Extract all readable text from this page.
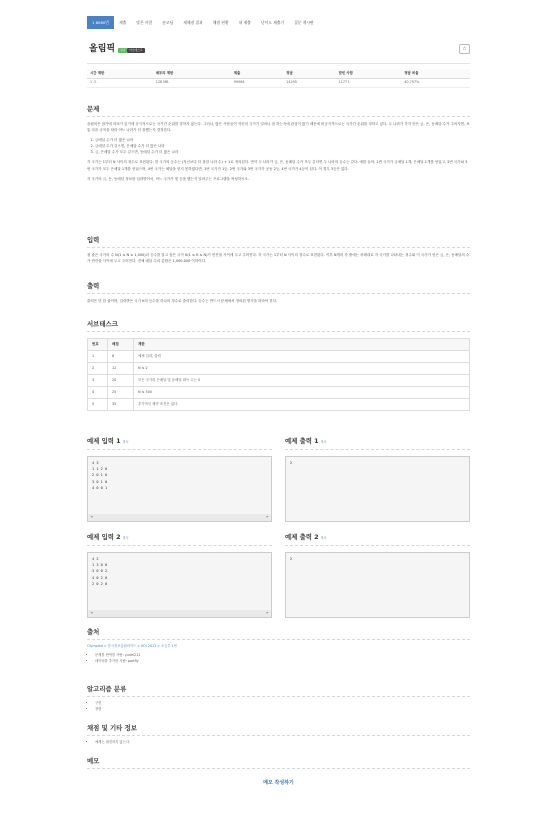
1 8060번	제출	맞은 사람	숏코딩	재채점 결과	채점 현황	내 제출	난이도 제출기	질문 게시판
올림픽	성공	서브태스크	☆
시간 제한	메모리 제한	제출	정답	맞힌 사람	정답 비율
1 초	128 MB	99964	14295	11771	40.797%
문제

올림픽은 참가에 의의가 있기에 공식적으로는 국가간 순위를 정하지 않는다. 그러나, 많은 사람들이 자신의 국가가 얼마나 잘 하는지에 관심이 많기 때문에 비공식적으로는 국가간 순위를 정하고 있다. 두 나라가 각각 얻은 금, 은, 동메달 수가 주어지면, 보통 다음 규칙을 따라 어느 나라가 더 잘했는지 결정한다.

1. 금메달 수가 더 많은 나라
2. 금메달 수가 같으면, 은메달 수가 더 많은 나라
3. 금, 은메달 수가 모두 같으면, 동메달 수가 더 많은 나라

각 국가는 1부터 N 사이의 정수로 표현된다. 한 국가의 등수는 (자신보다 더 잘한 나라 수) + 1로 정의된다. 만약 두 나라가 금, 은, 동메달 수가 모두 같다면 두 나라의 등수는 같다. 예를 들어, 1번 국가가 금메달 1개, 은메달 1개를 얻었고, 2번 국가와 3번 국가가 모두 은메달 1개를 얻었으며, 4번 국가는 메달을 얻지 못하였다면, 1번 국가가 1등, 2번 국가와 3번 국가가 공동 2등, 4번 국가가 4등이 된다. 이 경우 3등은 없다.

각 국가의 금, 은, 동메달 정보를 입력받아서, 어느 국가가 몇 등을 했는지 알려주는 프로그램을 작성하시오.

입력

첫 줄은 국가의 수 N(1 ≤ N ≤ 1,000)과 등수를 알고 싶은 국가 K(1 ≤ K ≤ N)가 빈칸을 사이에 두고 주어진다. 각 국가는 1부터 N 사이의 정수로 표현된다. 이후 N개의 각 줄에는 차례대로 각 국가를 나타내는 정수와 이 국가가 얻은 금, 은, 동메달의 수가 빈칸을 사이에 두고 주어진다. 전체 메달 수의 총합은 1,000,000 이하이다.

출력

출력은 단 한 줄이며, 입력받은 국가 K의 등수를 하나의 정수로 출력한다. 등수는 반드시 문제에서 정의된 방식을 따라야 한다.

서브태스크
번호	배점	제한
1	8	예제 입력, 출력
2	12	N ≤ 2
3	20	모든 국가의 은메달 및 동메달 획득 수는 0
4	25	N ≤ 500
5	35	추가적인 제약 조건은 없다.
예제 입력 1 복사
4 3
1 1 2 0
2 0 1 0
3 0 1 0
4 0 0 1
◂	▸
예제 출력 1 복사
2
예제 입력 2 복사
4 2
1 3 0 0
3 0 0 2
4 0 2 0
2 0 2 0
◂	▸
예제 출력 2 복사
2
출처
Olympiad > 한국정보올림피아드 > KOI 2013 > 초등부 1번
• 문제를 번역한 사람: yuriel211
• 데이터를 추가한 사람: portfly
알고리즘 분류
• 구현
• 정렬
채점 및 기타 정보
• 예제는 채점하지 않는다.
메모
메모 작성하기
